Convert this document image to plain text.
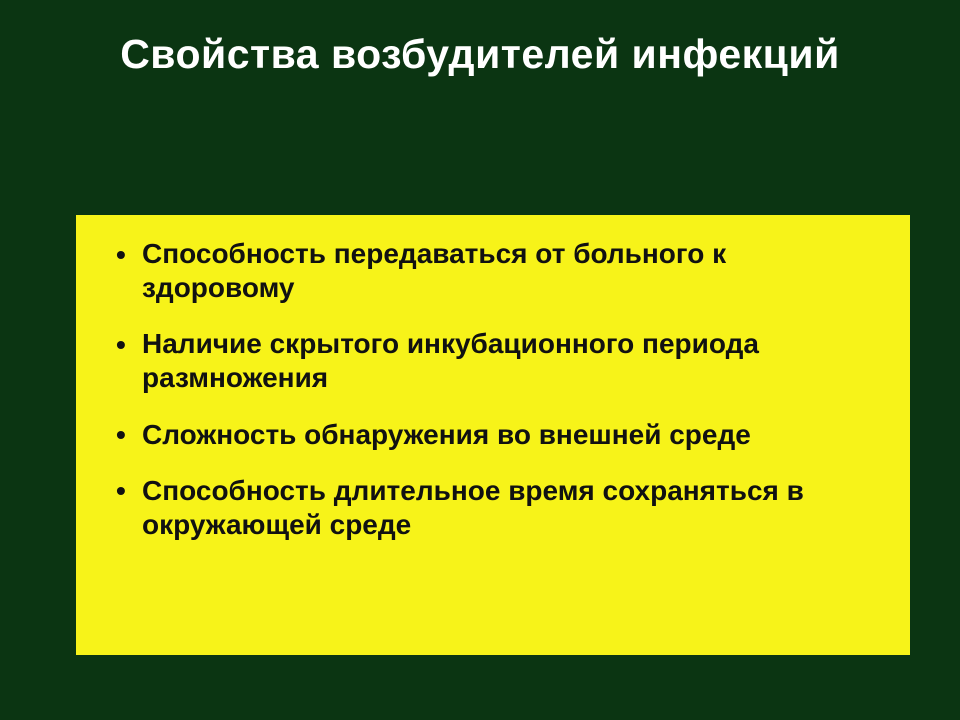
Свойства возбудителей инфекций
• Способность передаваться от больного к здоровому
• Наличие скрытого инкубационного периода размножения
• Сложность обнаружения во внешней среде
• Способность длительное время сохраняться в окружающей среде
